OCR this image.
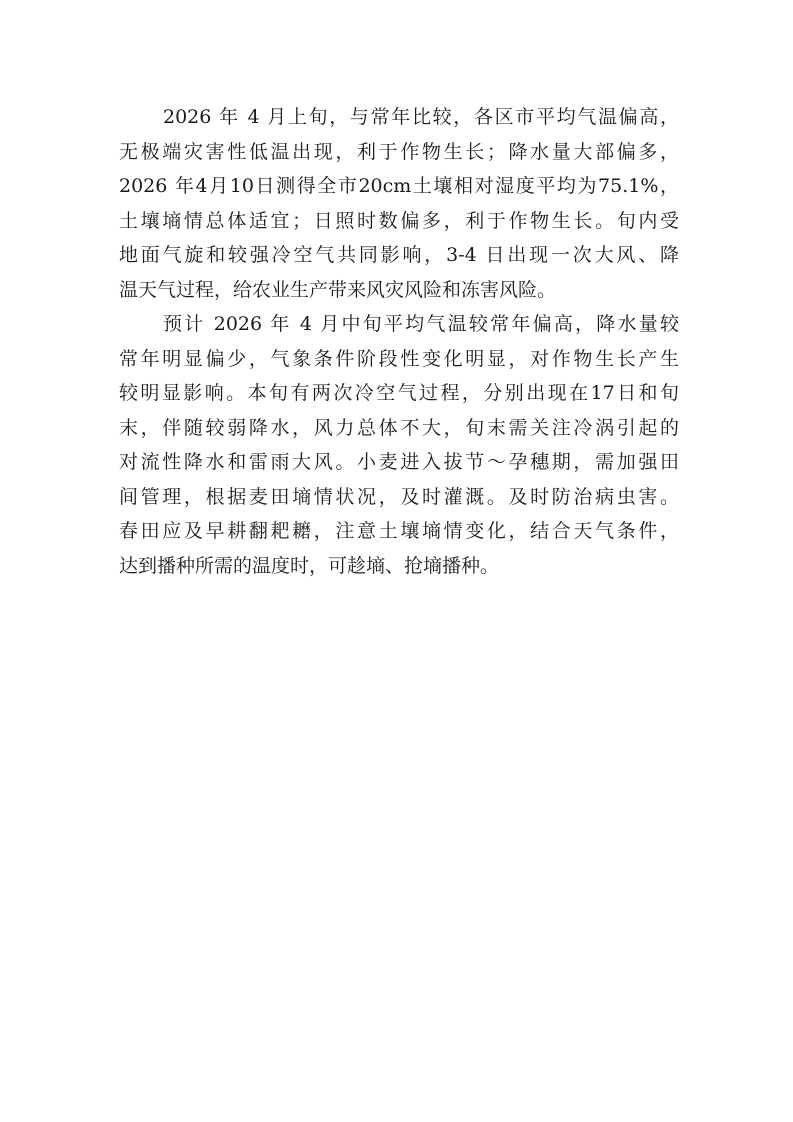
2026 年 4 月上旬，与常年比较，各区市平均气温偏高，
无极端灾害性低温出现，利于作物生长；降水量大部偏多，
2026 年4月10日测得全市20cm土壤相对湿度平均为75.1%，
土壤墒情总体适宜；日照时数偏多，利于作物生长。旬内受
地面气旋和较强冷空气共同影响，3-4 日出现一次大风、降
温天气过程，给农业生产带来风灾风险和冻害风险。
预计 2026 年 4 月中旬平均气温较常年偏高，降水量较
常年明显偏少，气象条件阶段性变化明显，对作物生长产生
较明显影响。本旬有两次冷空气过程，分别出现在17日和旬
末，伴随较弱降水，风力总体不大，旬末需关注冷涡引起的
对流性降水和雷雨大风。小麦进入拔节～孕穗期，需加强田
间管理，根据麦田墒情状况，及时灌溉。及时防治病虫害。
春田应及早耕翻耙耱，注意土壤墒情变化，结合天气条件，
达到播种所需的温度时，可趁墒、抢墒播种。
